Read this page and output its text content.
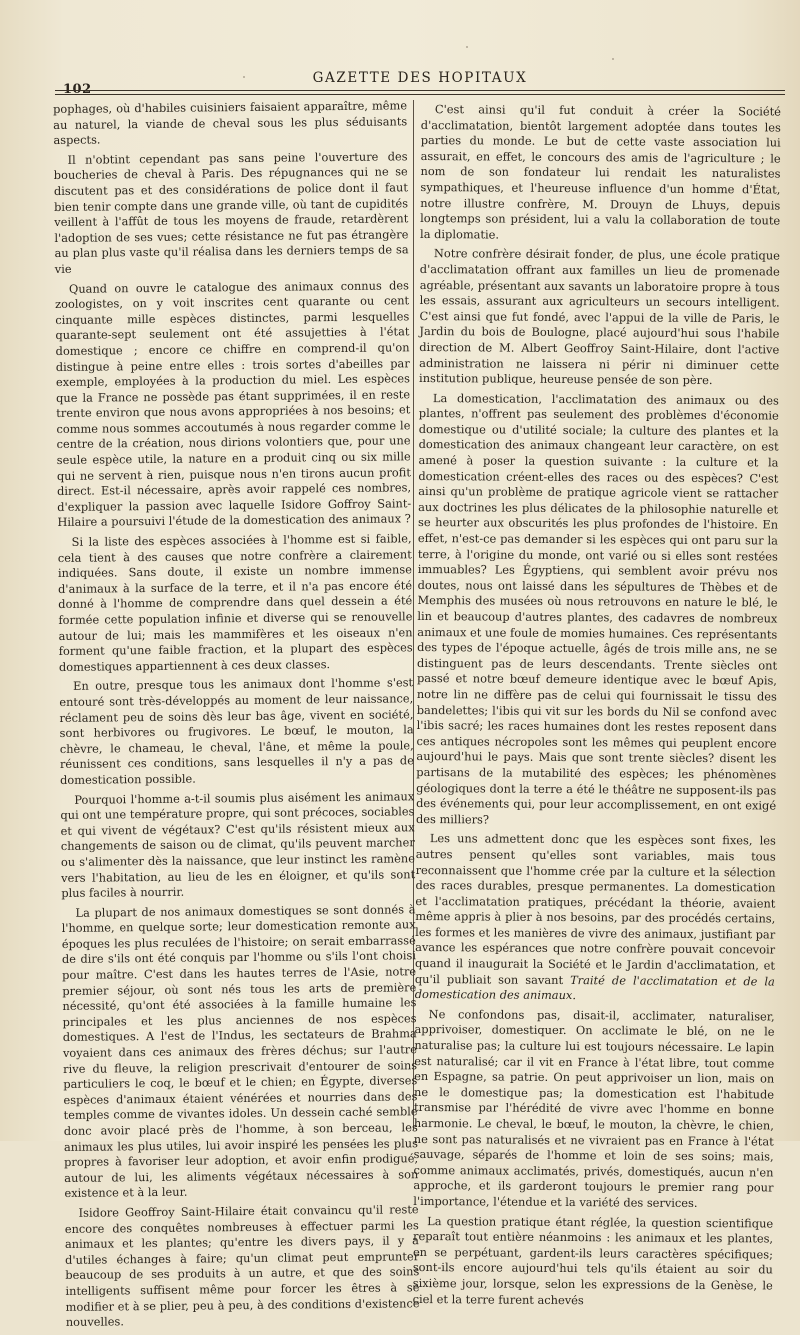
102
GAZETTE DES HOPITAUX

pophages, où d'habiles cuisiniers faisaient apparaître, même au naturel, la viande de cheval sous les plus séduisants aspects.

Il n'obtint cependant pas sans peine l'ouverture des boucheries de cheval à Paris. Des répugnances qui ne se discutent pas et des considérations de police dont il faut bien tenir compte dans une grande ville, où tant de cupidités veillent à l'affût de tous les moyens de fraude, retardèrent l'adoption de ses vues; cette résistance ne fut pas étrangère au plan plus vaste qu'il réalisa dans les derniers temps de sa vie

Quand on ouvre le catalogue des animaux connus des zoologistes, on y voit inscrites cent quarante ou cent cinquante mille espèces distinctes, parmi lesquelles quarante-sept seulement ont été assujetties à l'état domestique ; encore ce chiffre en comprend-il qu'on distingue à peine entre elles : trois sortes d'abeilles par exemple, employées à la production du miel. Les espèces que la France ne possède pas étant supprimées, il en reste trente environ que nous avons appropriées à nos besoins; et comme nous sommes accoutumés à nous regarder comme le centre de la création, nous dirions volontiers que, pour une seule espèce utile, la nature en a produit cinq ou six mille qui ne servent à rien, puisque nous n'en tirons aucun profit direct. Est-il nécessaire, après avoir rappelé ces nombres, d'expliquer la passion avec laquelle Isidore Goffroy Saint-Hilaire a poursuivi l'étude de la domestication des animaux ?

Si la liste des espèces associées à l'homme est si faible, cela tient à des causes que notre confrère a clairement indiquées. Sans doute, il existe un nombre immense d'animaux à la surface de la terre, et il n'a pas encore été donné à l'homme de comprendre dans quel dessein a été formée cette population infinie et diverse qui se renouvelle autour de lui; mais les mammifères et les oiseaux n'en forment qu'une faible fraction, et la plupart des espèces domestiques appartiennent à ces deux classes.

En outre, presque tous les animaux dont l'homme s'est entouré sont très-développés au moment de leur naissance, réclament peu de soins dès leur bas âge, vivent en société, sont herbivores ou frugivores. Le bœuf, le mouton, la chèvre, le chameau, le cheval, l'âne, et même la poule, réunissent ces conditions, sans lesquelles il n'y a pas de domestication possible.

Pourquoi l'homme a-t-il soumis plus aisément les animaux qui ont une température propre, qui sont précoces, sociables et qui vivent de végétaux? C'est qu'ils résistent mieux aux changements de saison ou de climat, qu'ils peuvent marcher ou s'alimenter dès la naissance, que leur instinct les ramène vers l'habitation, au lieu de les en éloigner, et qu'ils sont plus faciles à nourrir.

La plupart de nos animaux domestiques se sont donnés à l'homme, en quelque sorte; leur domestication remonte aux époques les plus reculées de l'histoire; on serait embarrassé de dire s'ils ont été conquis par l'homme ou s'ils l'ont choisi pour maître. C'est dans les hautes terres de l'Asie, notre premier séjour, où sont nés tous les arts de première nécessité, qu'ont été associées à la famille humaine les principales et les plus anciennes de nos espèces domestiques. A l'est de l'Indus, les sectateurs de Brahma voyaient dans ces animaux des frères déchus; sur l'autre rive du fleuve, la religion prescrivait d'entourer de soins particuliers le coq, le bœuf et le chien; en Égypte, diverses espèces d'animaux étaient vénérées et nourries dans des temples comme de vivantes idoles. Un dessein caché semble donc avoir placé près de l'homme, à son berceau, les animaux les plus utiles, lui avoir inspiré les pensées les plus propres à favoriser leur adoption, et avoir enfin prodigué, autour de lui, les aliments végétaux nécessaires à son existence et à la leur.

Isidore Geoffroy Saint-Hilaire était convaincu qu'il reste encore des conquêtes nombreuses à effectuer parmi les animaux et les plantes; qu'entre les divers pays, il y a d'utiles échanges à faire; qu'un climat peut emprunter beaucoup de ses produits à un autre, et que des soins intelligents suffisent même pour forcer les êtres à se modifier et à se plier, peu à peu, à des conditions d'existence nouvelles.

C'est ainsi qu'il fut conduit à créer la Société d'acclimatation, bientôt largement adoptée dans toutes les parties du monde. Le but de cette vaste association lui assurait, en effet, le concours des amis de l'agriculture ; le nom de son fondateur lui rendait les naturalistes sympathiques, et l'heureuse influence d'un homme d'État, notre illustre confrère, M. Drouyn de Lhuys, depuis longtemps son président, lui a valu la collaboration de toute la diplomatie.

Notre confrère désirait fonder, de plus, une école pratique d'acclimatation offrant aux familles un lieu de promenade agréable, présentant aux savants un laboratoire propre à tous les essais, assurant aux agriculteurs un secours intelligent. C'est ainsi que fut fondé, avec l'appui de la ville de Paris, le Jardin du bois de Boulogne, placé aujourd'hui sous l'habile direction de M. Albert Geoffroy Saint-Hilaire, dont l'active administration ne laissera ni périr ni diminuer cette institution publique, heureuse pensée de son père.

La domestication, l'acclimatation des animaux ou des plantes, n'offrent pas seulement des problèmes d'économie domestique ou d'utilité sociale; la culture des plantes et la domestication des animaux changeant leur caractère, on est amené à poser la question suivante : la culture et la domestication créent-elles des races ou des espèces? C'est ainsi qu'un problème de pratique agricole vient se rattacher aux doctrines les plus délicates de la philosophie naturelle et se heurter aux obscurités les plus profondes de l'histoire. En effet, n'est-ce pas demander si les espèces qui ont paru sur la terre, à l'origine du monde, ont varié ou si elles sont restées immuables? Les Égyptiens, qui semblent avoir prévu nos doutes, nous ont laissé dans les sépultures de Thèbes et de Memphis des musées où nous retrouvons en nature le blé, le lin et beaucoup d'autres plantes, des cadavres de nombreux animaux et une foule de momies humaines. Ces représentants des types de l'époque actuelle, âgés de trois mille ans, ne se distinguent pas de leurs descendants. Trente siècles ont passé et notre bœuf demeure identique avec le bœuf Apis, notre lin ne diffère pas de celui qui fournissait le tissu des bandelettes; l'ibis qui vit sur les bords du Nil se confond avec l'ibis sacré; les races humaines dont les restes reposent dans ces antiques nécropoles sont les mêmes qui peuplent encore aujourd'hui le pays. Mais que sont trente siècles? disent les partisans de la mutabilité des espèces; les phénomènes géologiques dont la terre a été le théâtre ne supposent-ils pas des événements qui, pour leur accomplissement, en ont exigé des milliers?

Les uns admettent donc que les espèces sont fixes, les autres pensent qu'elles sont variables, mais tous reconnaissent que l'homme crée par la culture et la sélection des races durables, presque permanentes. La domestication et l'acclimatation pratiques, précédant la théorie, avaient même appris à plier à nos besoins, par des procédés certains, les formes et les manières de vivre des animaux, justifiant par avance les espérances que notre confrère pouvait concevoir quand il inaugurait la Société et le Jardin d'acclimatation, et qu'il publiait son savant Traité de l'acclimatation et de la domestication des animaux.

Ne confondons pas, disait-il, acclimater, naturaliser, apprivoiser, domestiquer. On acclimate le blé, on ne le naturalise pas; la culture lui est toujours nécessaire. Le lapin est naturalisé; car il vit en France à l'état libre, tout comme en Espagne, sa patrie. On peut apprivoiser un lion, mais on ne le domestique pas; la domestication est l'habitude transmise par l'hérédité de vivre avec l'homme en bonne harmonie. Le cheval, le bœuf, le mouton, la chèvre, le chien, ne sont pas naturalisés et ne vivraient pas en France à l'état sauvage, séparés de l'homme et loin de ses soins; mais, comme animaux acclimatés, privés, domestiqués, aucun n'en approche, et ils garderont toujours le premier rang pour l'importance, l'étendue et la variété des services.

La question pratique étant réglée, la question scientifique reparaît tout entière néanmoins : les animaux et les plantes, en se perpétuant, gardent-ils leurs caractères spécifiques; sont-ils encore aujourd'hui tels qu'ils étaient au soir du sixième jour, lorsque, selon les expressions de la Genèse, le ciel et la terre furent achevés
